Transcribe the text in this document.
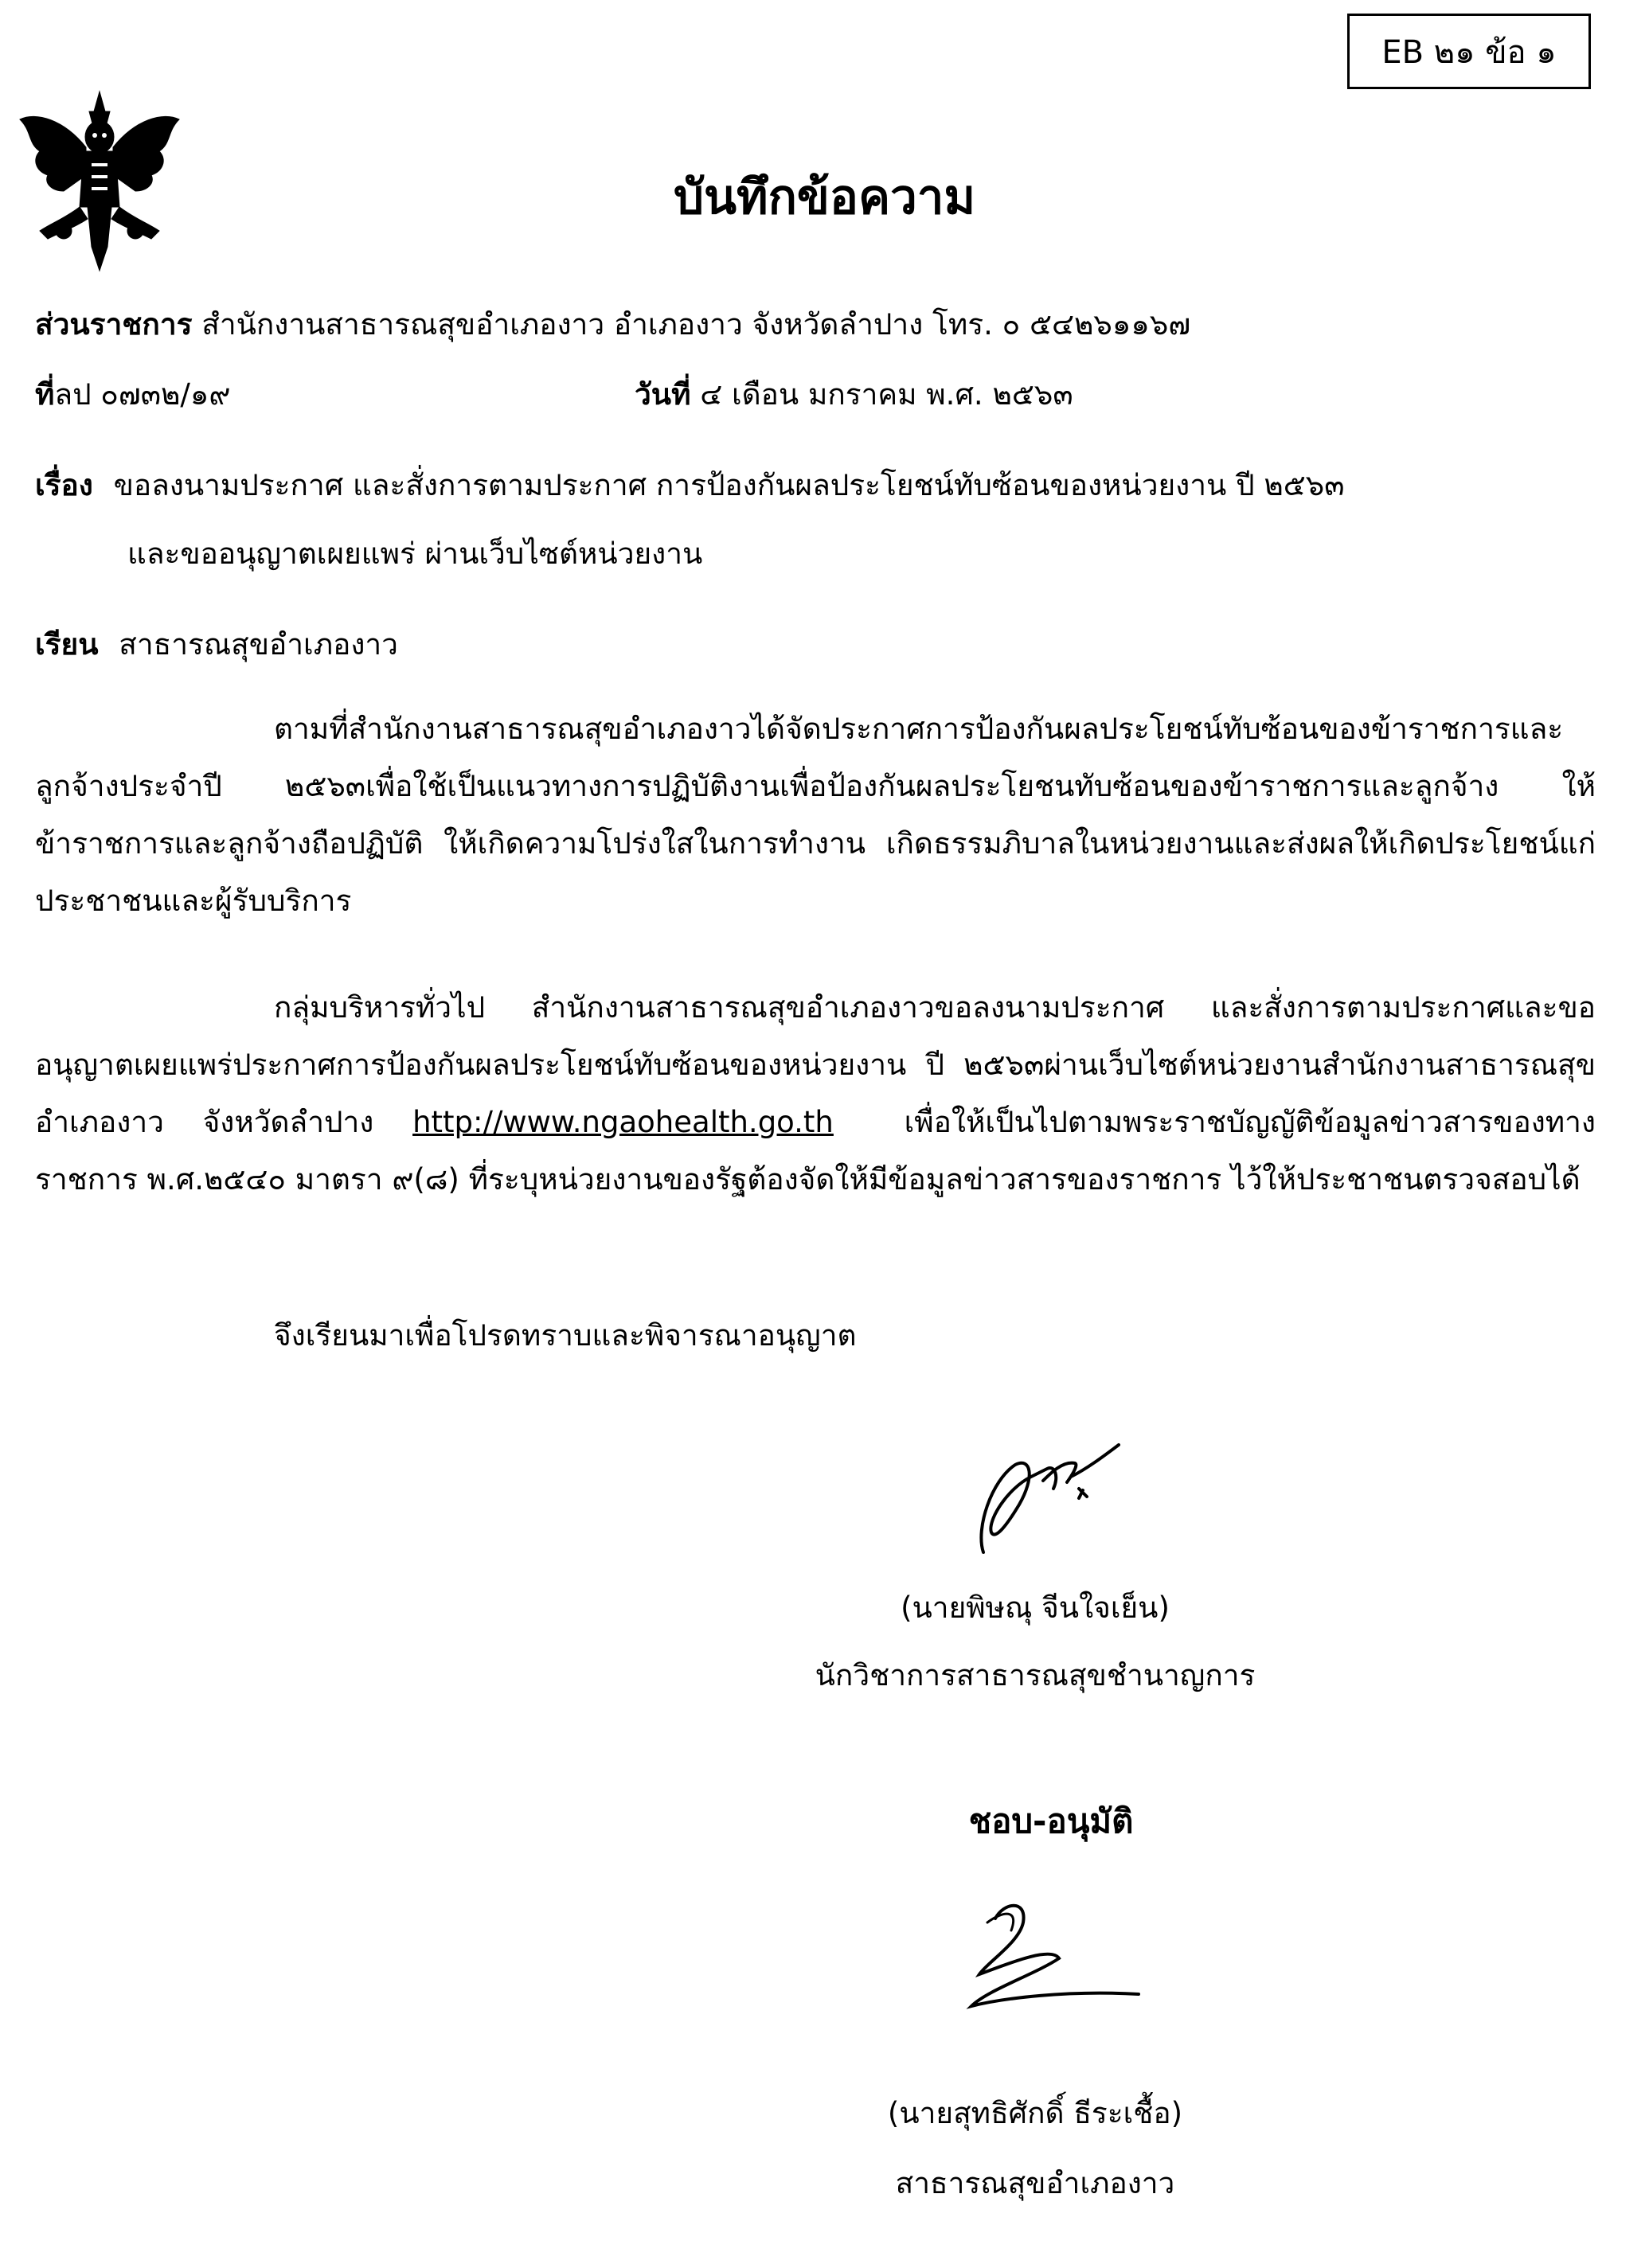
EB ๒๑ ข้อ ๑
บันทึกข้อความ
ส่วนราชการ สำนักงานสาธารณสุขอำเภองาว อำเภองาว จังหวัดลำปาง โทร. ๐ ๕๔๒๖๑๑๖๗
ที่ลป ๐๗๓๒/๑๙	วันที่ ๔ เดือน มกราคม พ.ศ. ๒๕๖๓
เรื่อง ขอลงนามประกาศ และสั่งการตามประกาศ การป้องกันผลประโยชน์ทับซ้อนของหน่วยงาน ปี ๒๕๖๓
และขออนุญาตเผยแพร่ ผ่านเว็บไซต์หน่วยงาน
เรียน สาธารณสุขอำเภองาว
ตามที่สำนักงานสาธารณสุขอำเภองาวได้จัดประกาศการป้องกันผลประโยชน์ทับซ้อนของข้าราชการและลูกจ้างประจำปี ๒๕๖๓เพื่อใช้เป็นแนวทางการปฏิบัติงานเพื่อป้องกันผลประโยชนทับซ้อนของข้าราชการและลูกจ้าง ให้ข้าราชการและลูกจ้างถือปฏิบัติ ให้เกิดความโปร่งใสในการทำงาน เกิดธรรมภิบาลในหน่วยงานและส่งผลให้เกิดประโยชน์แก่ประชาชนและผู้รับบริการ
กลุ่มบริหารทั่วไป สำนักงานสาธารณสุขอำเภองาวขอลงนามประกาศ และสั่งการตามประกาศและขออนุญาตเผยแพร่ประกาศการป้องกันผลประโยชน์ทับซ้อนของหน่วยงาน ปี ๒๕๖๓ผ่านเว็บไซต์หน่วยงานสำนักงานสาธารณสุขอำเภองาว จังหวัดลำปาง http://www.ngaohealth.go.th เพื่อให้เป็นไปตามพระราชบัญญัติข้อมูลข่าวสารของทางราชการ พ.ศ.๒๕๔๐ มาตรา ๙(๘) ที่ระบุหน่วยงานของรัฐต้องจัดให้มีข้อมูลข่าวสารของราชการ ไว้ให้ประชาชนตรวจสอบได้
จึงเรียนมาเพื่อโปรดทราบและพิจารณาอนุญาต
(นายพิษณุ จีนใจเย็น)
นักวิชาการสาธารณสุขชำนาญการ
ชอบ-อนุมัติ
(นายสุทธิศักดิ์ ธีระเชื้อ)
สาธารณสุขอำเภองาว
